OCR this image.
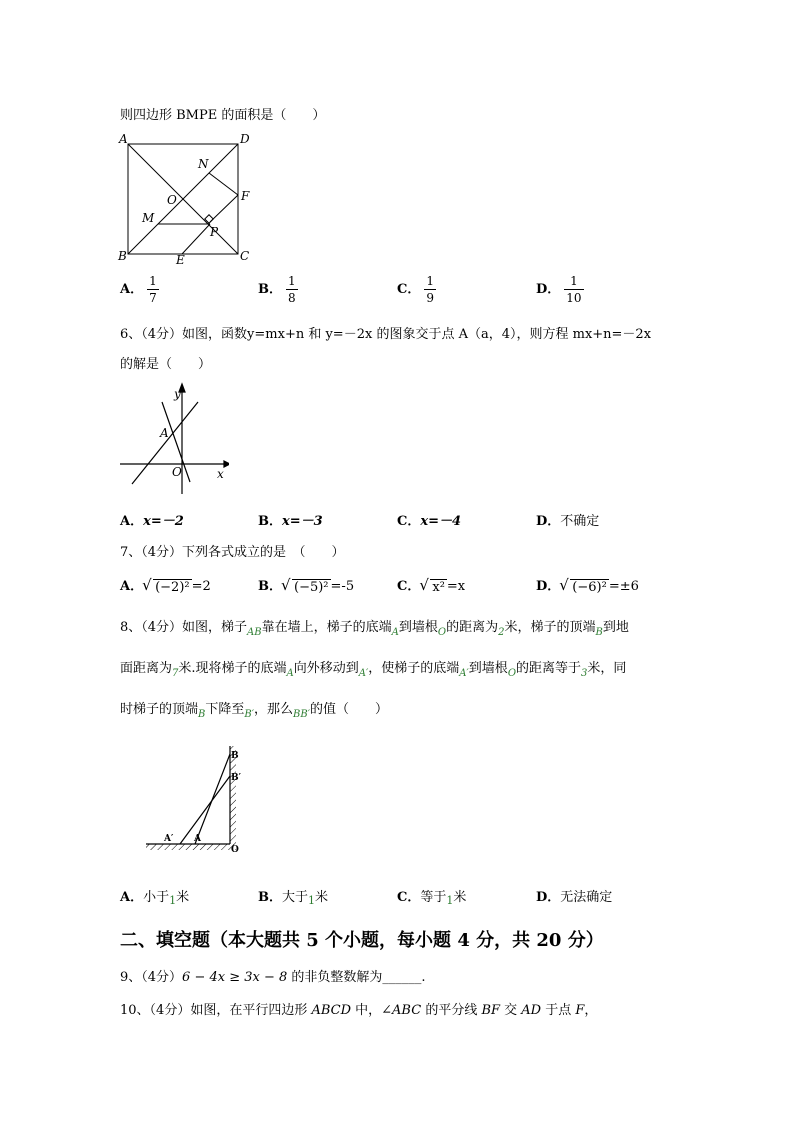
则四边形 BMPE 的面积是（　　）
A	D
N
O	F
M
P
B	E	C
A． $\frac{1}{7}$	B． $\frac{1}{8}$	C． $\frac{1}{9}$	D． $\frac{1}{10}$
6、（4分）如图，函数y=mx+n 和 y=－2x 的图象交于点 A（a，4），则方程 mx+n=－2x
的解是（　　）
y
A
O	x
A．x=－2	B．x=－3	C．x=－4	D．不确定
7、（4分）下列各式成立的是　（　　）
A． √ (−2)² =2	B． √ (−5)² =-5	C． √ x² =x	D． √ (−6)² =±6
8、（4分）如图，梯子$_{AB}$靠在墙上，梯子的底端$_A$到墙根$_O$的距离为$_2$米，梯子的顶端$_B$到地
面距离为$_7$米.现将梯子的底端$_A$向外移动到$_{A'}$，使梯子的底端$_{A'}$到墙根$_O$的距离等于$_3$米，同
时梯子的顶端$_B$下降至$_{B'}$，那么$_{BB'}$的值（　　）
B
B′
A′ A
O
A．小于$_1$米	B．大于$_1$米	C．等于$_1$米	D．无法确定
二、填空题（本大题共 5 个小题，每小题 4 分，共 20 分）
9、（4分）6 − 4x ≥ 3x − 8 的非负整数解为______.
10、（4分）如图，在平行四边形 ABCD 中，∠ABC 的平分线 BF 交 AD 于点 F，
